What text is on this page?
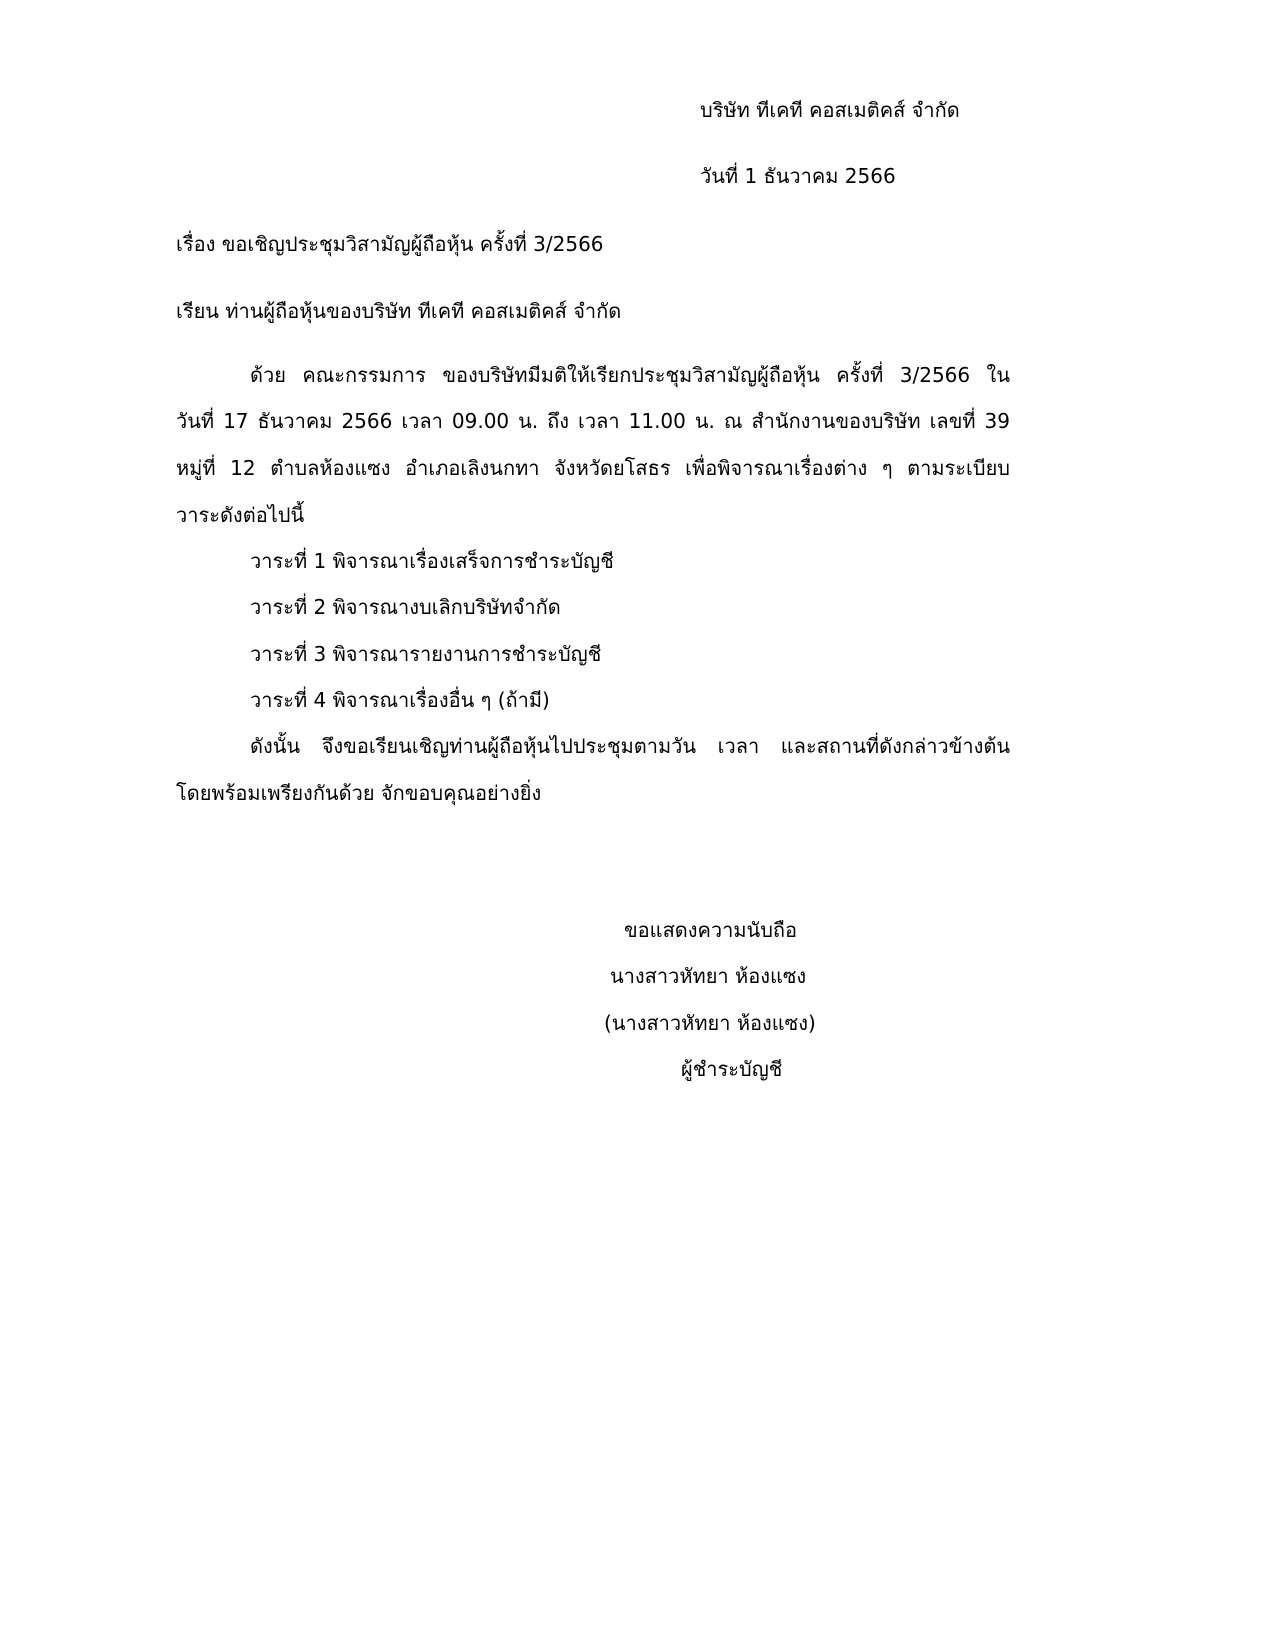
บริษัท ทีเคที คอสเมติคส์ จำกัด
วันที่ 1 ธันวาคม 2566
เรื่อง ขอเชิญประชุมวิสามัญผู้ถือหุ้น ครั้งที่ 3/2566
เรียน ท่านผู้ถือหุ้นของบริษัท ทีเคที คอสเมติคส์ จำกัด
ด้วย คณะกรรมการ ของบริษัทมีมติให้เรียกประชุมวิสามัญผู้ถือหุ้น ครั้งที่ 3/2566 ใน
วันที่ 17 ธันวาคม 2566 เวลา 09.00 น. ถึง เวลา 11.00 น. ณ สำนักงานของบริษัท เลขที่ 39
หมู่ที่ 12 ตำบลห้องแซง อำเภอเลิงนกทา จังหวัดยโสธร เพื่อพิจารณาเรื่องต่าง ๆ ตามระเบียบ
วาระดังต่อไปนี้
วาระที่ 1 พิจารณาเรื่องเสร็จการชำระบัญชี
วาระที่ 2 พิจารณางบเลิกบริษัทจำกัด
วาระที่ 3 พิจารณารายงานการชำระบัญชี
วาระที่ 4 พิจารณาเรื่องอื่น ๆ (ถ้ามี)
ดังนั้น จึงขอเรียนเชิญท่านผู้ถือหุ้นไปประชุมตามวัน เวลา และสถานที่ดังกล่าวข้างต้น
โดยพร้อมเพรียงกันด้วย จักขอบคุณอย่างยิ่ง
ขอแสดงความนับถือ
นางสาวหัทยา ห้องแซง
(นางสาวหัทยา ห้องแซง)
ผู้ชำระบัญชี
